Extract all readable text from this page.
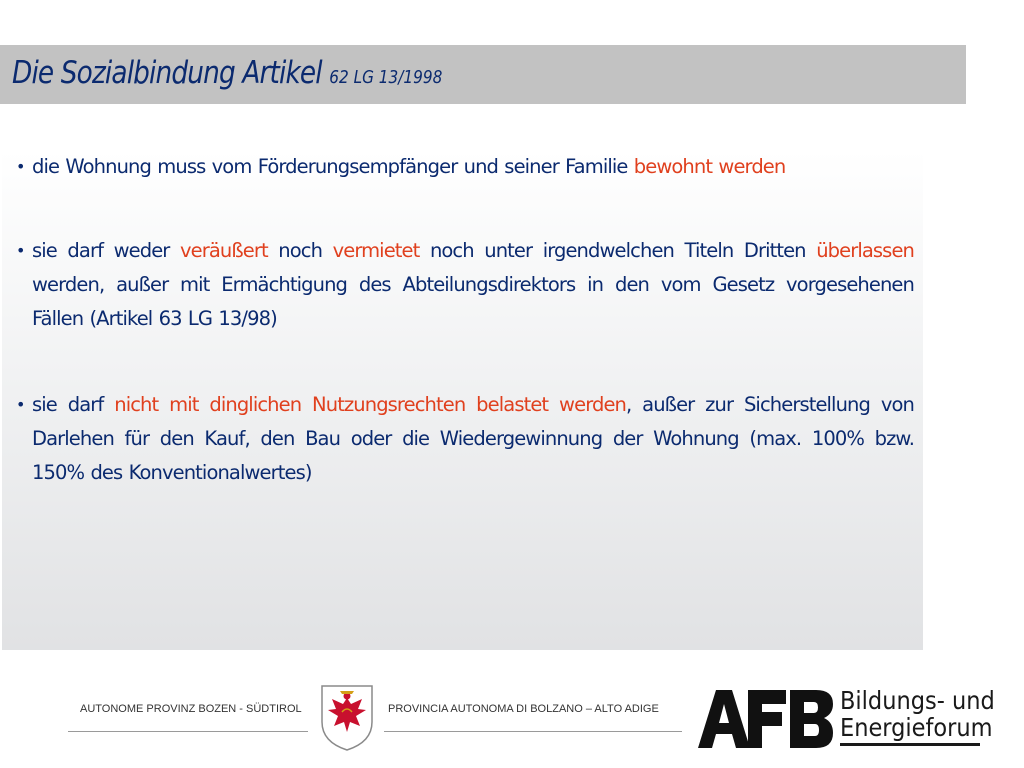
Die Sozialbindung Artikel 62 LG 13/1998
• die Wohnung muss vom Förderungsempfänger und seiner Familie bewohnt werden
• sie darf weder veräußert noch vermietet noch unter irgendwelchen Titeln Dritten überlassen werden, außer mit Ermächtigung des Abteilungsdirektors in den vom Gesetz vorgesehenen Fällen (Artikel 63 LG 13/98)
• sie darf nicht mit dinglichen Nutzungsrechten belastet werden, außer zur Sicherstellung von Darlehen für den Kauf, den Bau oder die Wiedergewinnung der Wohnung (max. 100% bzw. 150% des Konventionalwertes)
AUTONOME PROVINZ BOZEN - SÜDTIROL	PROVINCIA AUTONOMA DI BOLZANO – ALTO ADIGE	Bildungs- und
Energieforum
